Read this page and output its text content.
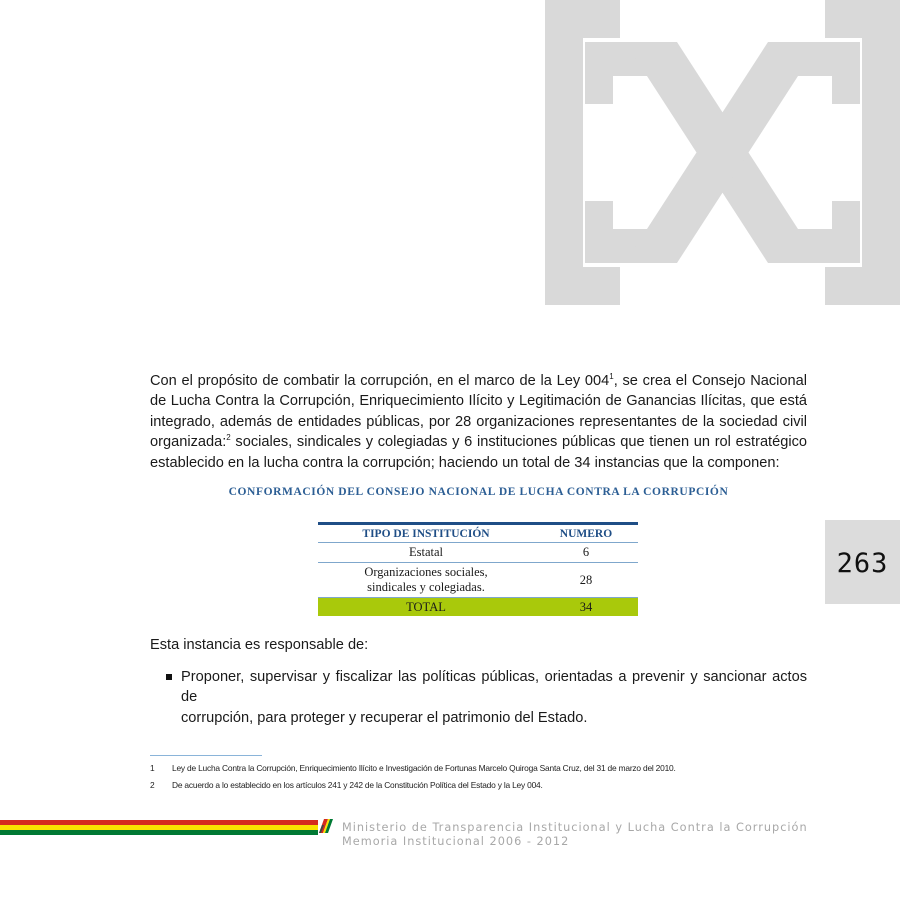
263
Con el propósito de combatir la corrupción, en el marco de la Ley $004^1$, se crea el Consejo Nacional
de Lucha Contra la Corrupción, Enriquecimiento Ilícito y Legitimación de Ganancias Ilícitas, que está
integrado, además de entidades públicas, por 28 organizaciones representantes de la sociedad civil
organizada:$^2$ sociales, sindicales y colegiadas y 6 instituciones públicas que tienen un rol estratégico
establecido en la lucha contra la corrupción; haciendo un total de 34 instancias que la componen:
CONFORMACIÓN DEL CONSEJO NACIONAL DE LUCHA CONTRA LA CORRUPCIÓN
TIPO DE INSTITUCIÓN	NUMERO
Estatal	6
Organizaciones sociales,
sindicales y colegiadas.	28
TOTAL	34
Esta instancia es responsable de:
Proponer, supervisar y fiscalizar las políticas públicas, orientadas a prevenir y sancionar actos de
corrupción, para proteger y recuperar el patrimonio del Estado.
1 Ley de Lucha Contra la Corrupción, Enriquecimiento Ilícito e Investigación de Fortunas Marcelo Quiroga Santa Cruz, del 31 de marzo del 2010.
2 De acuerdo a lo establecido en los artículos 241 y 242 de la Constitución Política del Estado y la Ley 004.
Ministerio de Transparencia Institucional y Lucha Contra la Corrupción
Memoria Institucional 2006 - 2012
